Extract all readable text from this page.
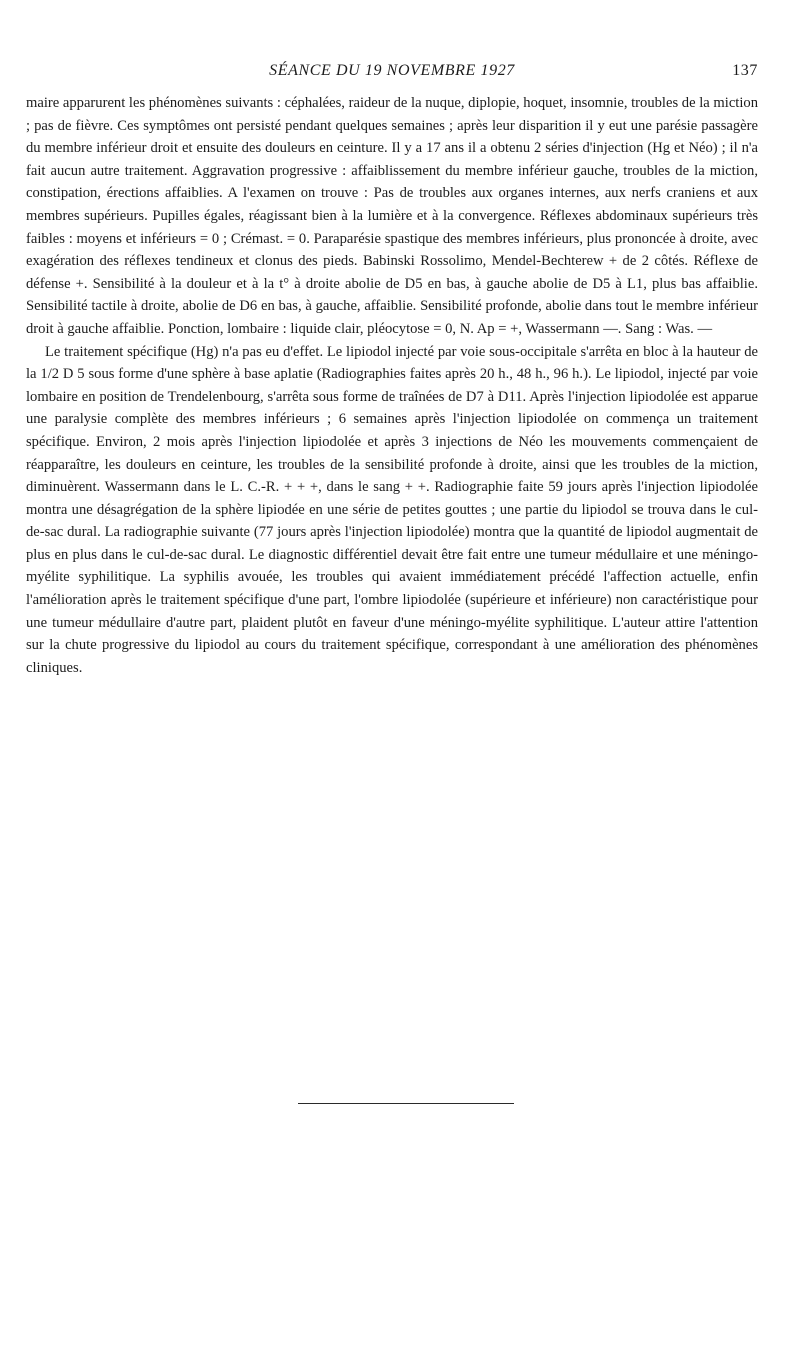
SÉANCE DU 19 NOVEMBRE 1927	137

maire apparurent les phénomènes suivants : céphalées, raideur de la nuque, diplopie, hoquet, insomnie, troubles de la miction ; pas de fièvre. Ces symptômes ont persisté pendant quelques semaines ; après leur disparition il y eut une parésie passagère du membre inférieur droit et ensuite des douleurs en ceinture. Il y a 17 ans il a obtenu 2 séries d'injection (Hg et Néo) ; il n'a fait aucun autre traitement. Aggravation progressive : affaiblissement du membre inférieur gauche, troubles de la miction, constipation, érections affaiblies. A l'examen on trouve : Pas de troubles aux organes internes, aux nerfs craniens et aux membres supérieurs. Pupilles égales, réagissant bien à la lumière et à la convergence. Réflexes abdominaux supérieurs très faibles : moyens et inférieurs = 0 ; Crémast. = 0. Paraparésie spastique des membres inférieurs, plus prononcée à droite, avec exagération des réflexes tendineux et clonus des pieds. Babinski Rossolimo, Mendel-Bechterew + de 2 côtés. Réflexe de défense +. Sensibilité à la douleur et à la t° à droite abolie de D5 en bas, à gauche abolie de D5 à L1, plus bas affaiblie. Sensibilité tactile à droite, abolie de D6 en bas, à gauche, affaiblie. Sensibilité profonde, abolie dans tout le membre inférieur droit à gauche affaiblie. Ponction, lombaire : liquide clair, pléocytose = 0, N. Ap = +, Wassermann —. Sang : Was. —

Le traitement spécifique (Hg) n'a pas eu d'effet. Le lipiodol injecté par voie sous-occipitale s'arrêta en bloc à la hauteur de la 1/2 D 5 sous forme d'une sphère à base aplatie (Radiographies faites après 20 h., 48 h., 96 h.). Le lipiodol, injecté par voie lombaire en position de Trendelenbourg, s'arrêta sous forme de traînées de D7 à D11. Après l'injection lipiodolée est apparue une paralysie complète des membres inférieurs ; 6 semaines après l'injection lipiodolée on commença un traitement spécifique. Environ, 2 mois après l'injection lipiodolée et après 3 injections de Néo les mouvements commençaient de réapparaître, les douleurs en ceinture, les troubles de la sensibilité profonde à droite, ainsi que les troubles de la miction, diminuèrent. Wassermann dans le L. C.-R. + + +, dans le sang + +. Radiographie faite 59 jours après l'injection lipiodolée montra une désagrégation de la sphère lipiodée en une série de petites gouttes ; une partie du lipiodol se trouva dans le cul-de-sac dural. La radiographie suivante (77 jours après l'injection lipiodolée) montra que la quantité de lipiodol augmentait de plus en plus dans le cul-de-sac dural. Le diagnostic différentiel devait être fait entre une tumeur médullaire et une méningo-myélite syphilitique. La syphilis avouée, les troubles qui avaient immédiatement précédé l'affection actuelle, enfin l'amélioration après le traitement spécifique d'une part, l'ombre lipiodolée (supérieure et inférieure) non caractéristique pour une tumeur médullaire d'autre part, plaident plutôt en faveur d'une méningo-myélite syphilitique. L'auteur attire l'attention sur la chute progressive du lipiodol au cours du traitement spécifique, correspondant à une amélioration des phénomènes cliniques.
